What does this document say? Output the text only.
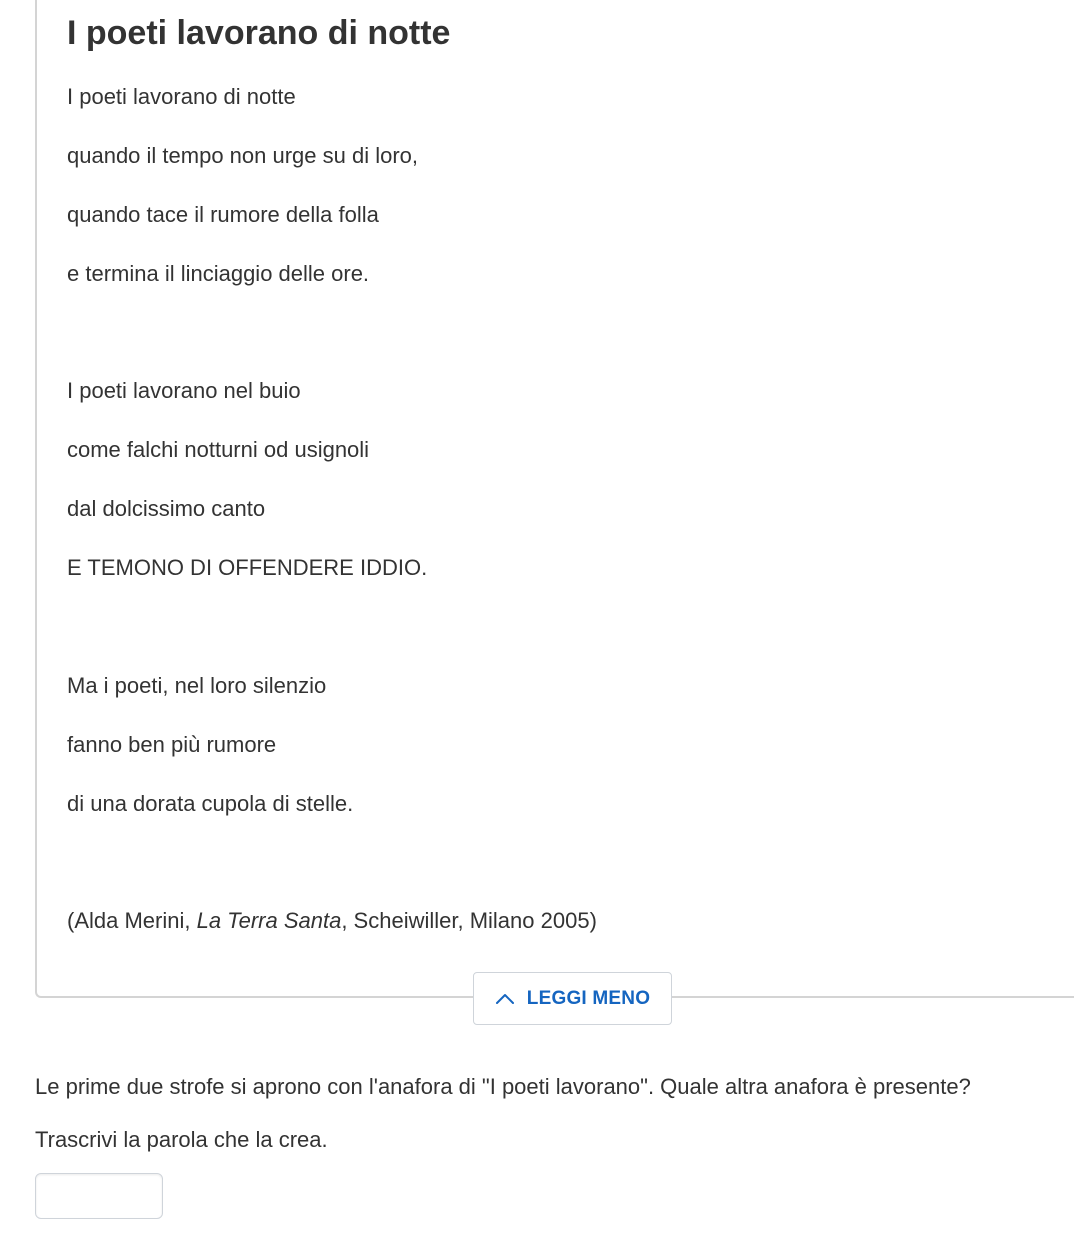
I poeti lavorano di notte
I poeti lavorano di notte
quando il tempo non urge su di loro,
quando tace il rumore della folla
e termina il linciaggio delle ore.
I poeti lavorano nel buio
come falchi notturni od usignoli
dal dolcissimo canto
E TEMONO DI OFFENDERE IDDIO.
Ma i poeti, nel loro silenzio
fanno ben più rumore
di una dorata cupola di stelle.
(Alda Merini, La Terra Santa, Scheiwiller, Milano 2005)
LEGGI MENO
Le prime due strofe si aprono con l'anafora di "I poeti lavorano". Quale altra anafora è presente?
Trascrivi la parola che la crea.
